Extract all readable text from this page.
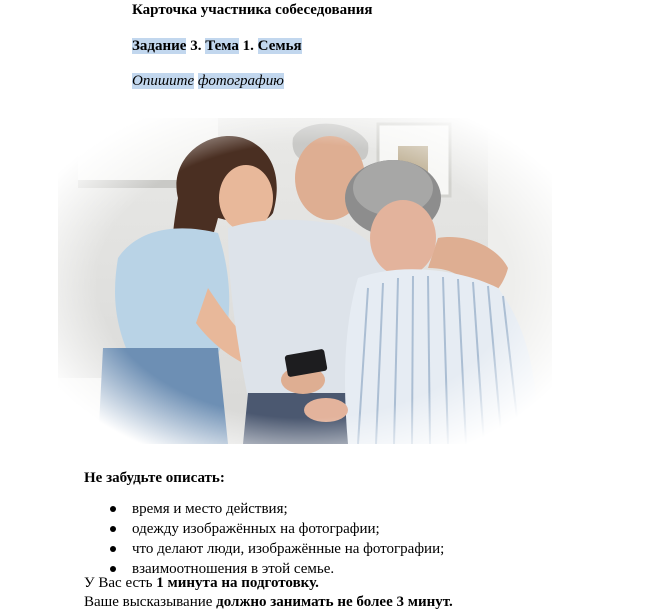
Карточка участника собеседования
Задание 3. Тема 1. Семья
Опишите фотографию
Не забудьте описать:
время и место действия;
одежду изображённых на фотографии;
что делают люди, изображённые на фотографии;
взаимоотношения в этой семье.
У Вас есть 1 минута на подготовку.
Ваше высказывание должно занимать не более 3 минут.
